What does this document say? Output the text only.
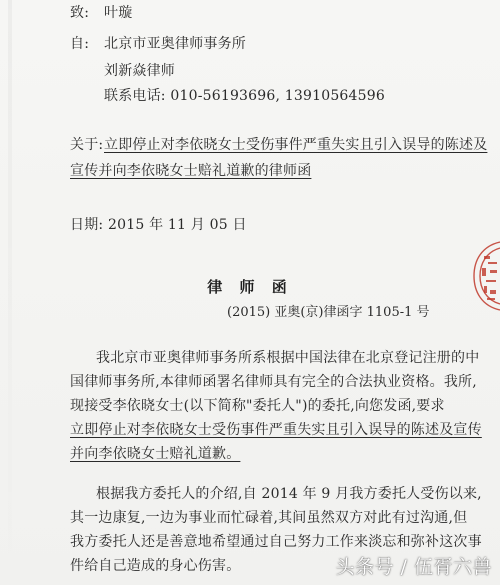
致: 叶璇
自: 北京市亚奥律师事务所
刘新焱律师
联系电话: 010-56193696, 13910564596
关于: 立即停止对李依晓女士受伤事件严重失实且引入误导的陈述及
宣传并向李依晓女士赔礼道歉的律师函
日期: 2015 年 11 月 05 日
律 师 函
(2015) 亚奥(京)律函字 1105-1 号
我北京市亚奥律师事务所系根据中国法律在北京登记注册的中
国律师事务所,本律师函署名律师具有完全的合法执业资格。我所,
现接受李依晓女士(以下简称"委托人")的委托,向您发函,要求
立即停止对李依晓女士受伤事件严重失实且引入误导的陈述及宣传
并向李依晓女士赔礼道歉。
根据我方委托人的介绍,自 2014 年 9 月我方委托人受伤以来,
其一边康复,一边为事业而忙碌着,其间虽然双方对此有过沟通,但
我方委托人还是善意地希望通过自己努力工作来淡忘和弥补这次事
件给自己造成的身心伤害。	头条号 / 伍胥六兽
